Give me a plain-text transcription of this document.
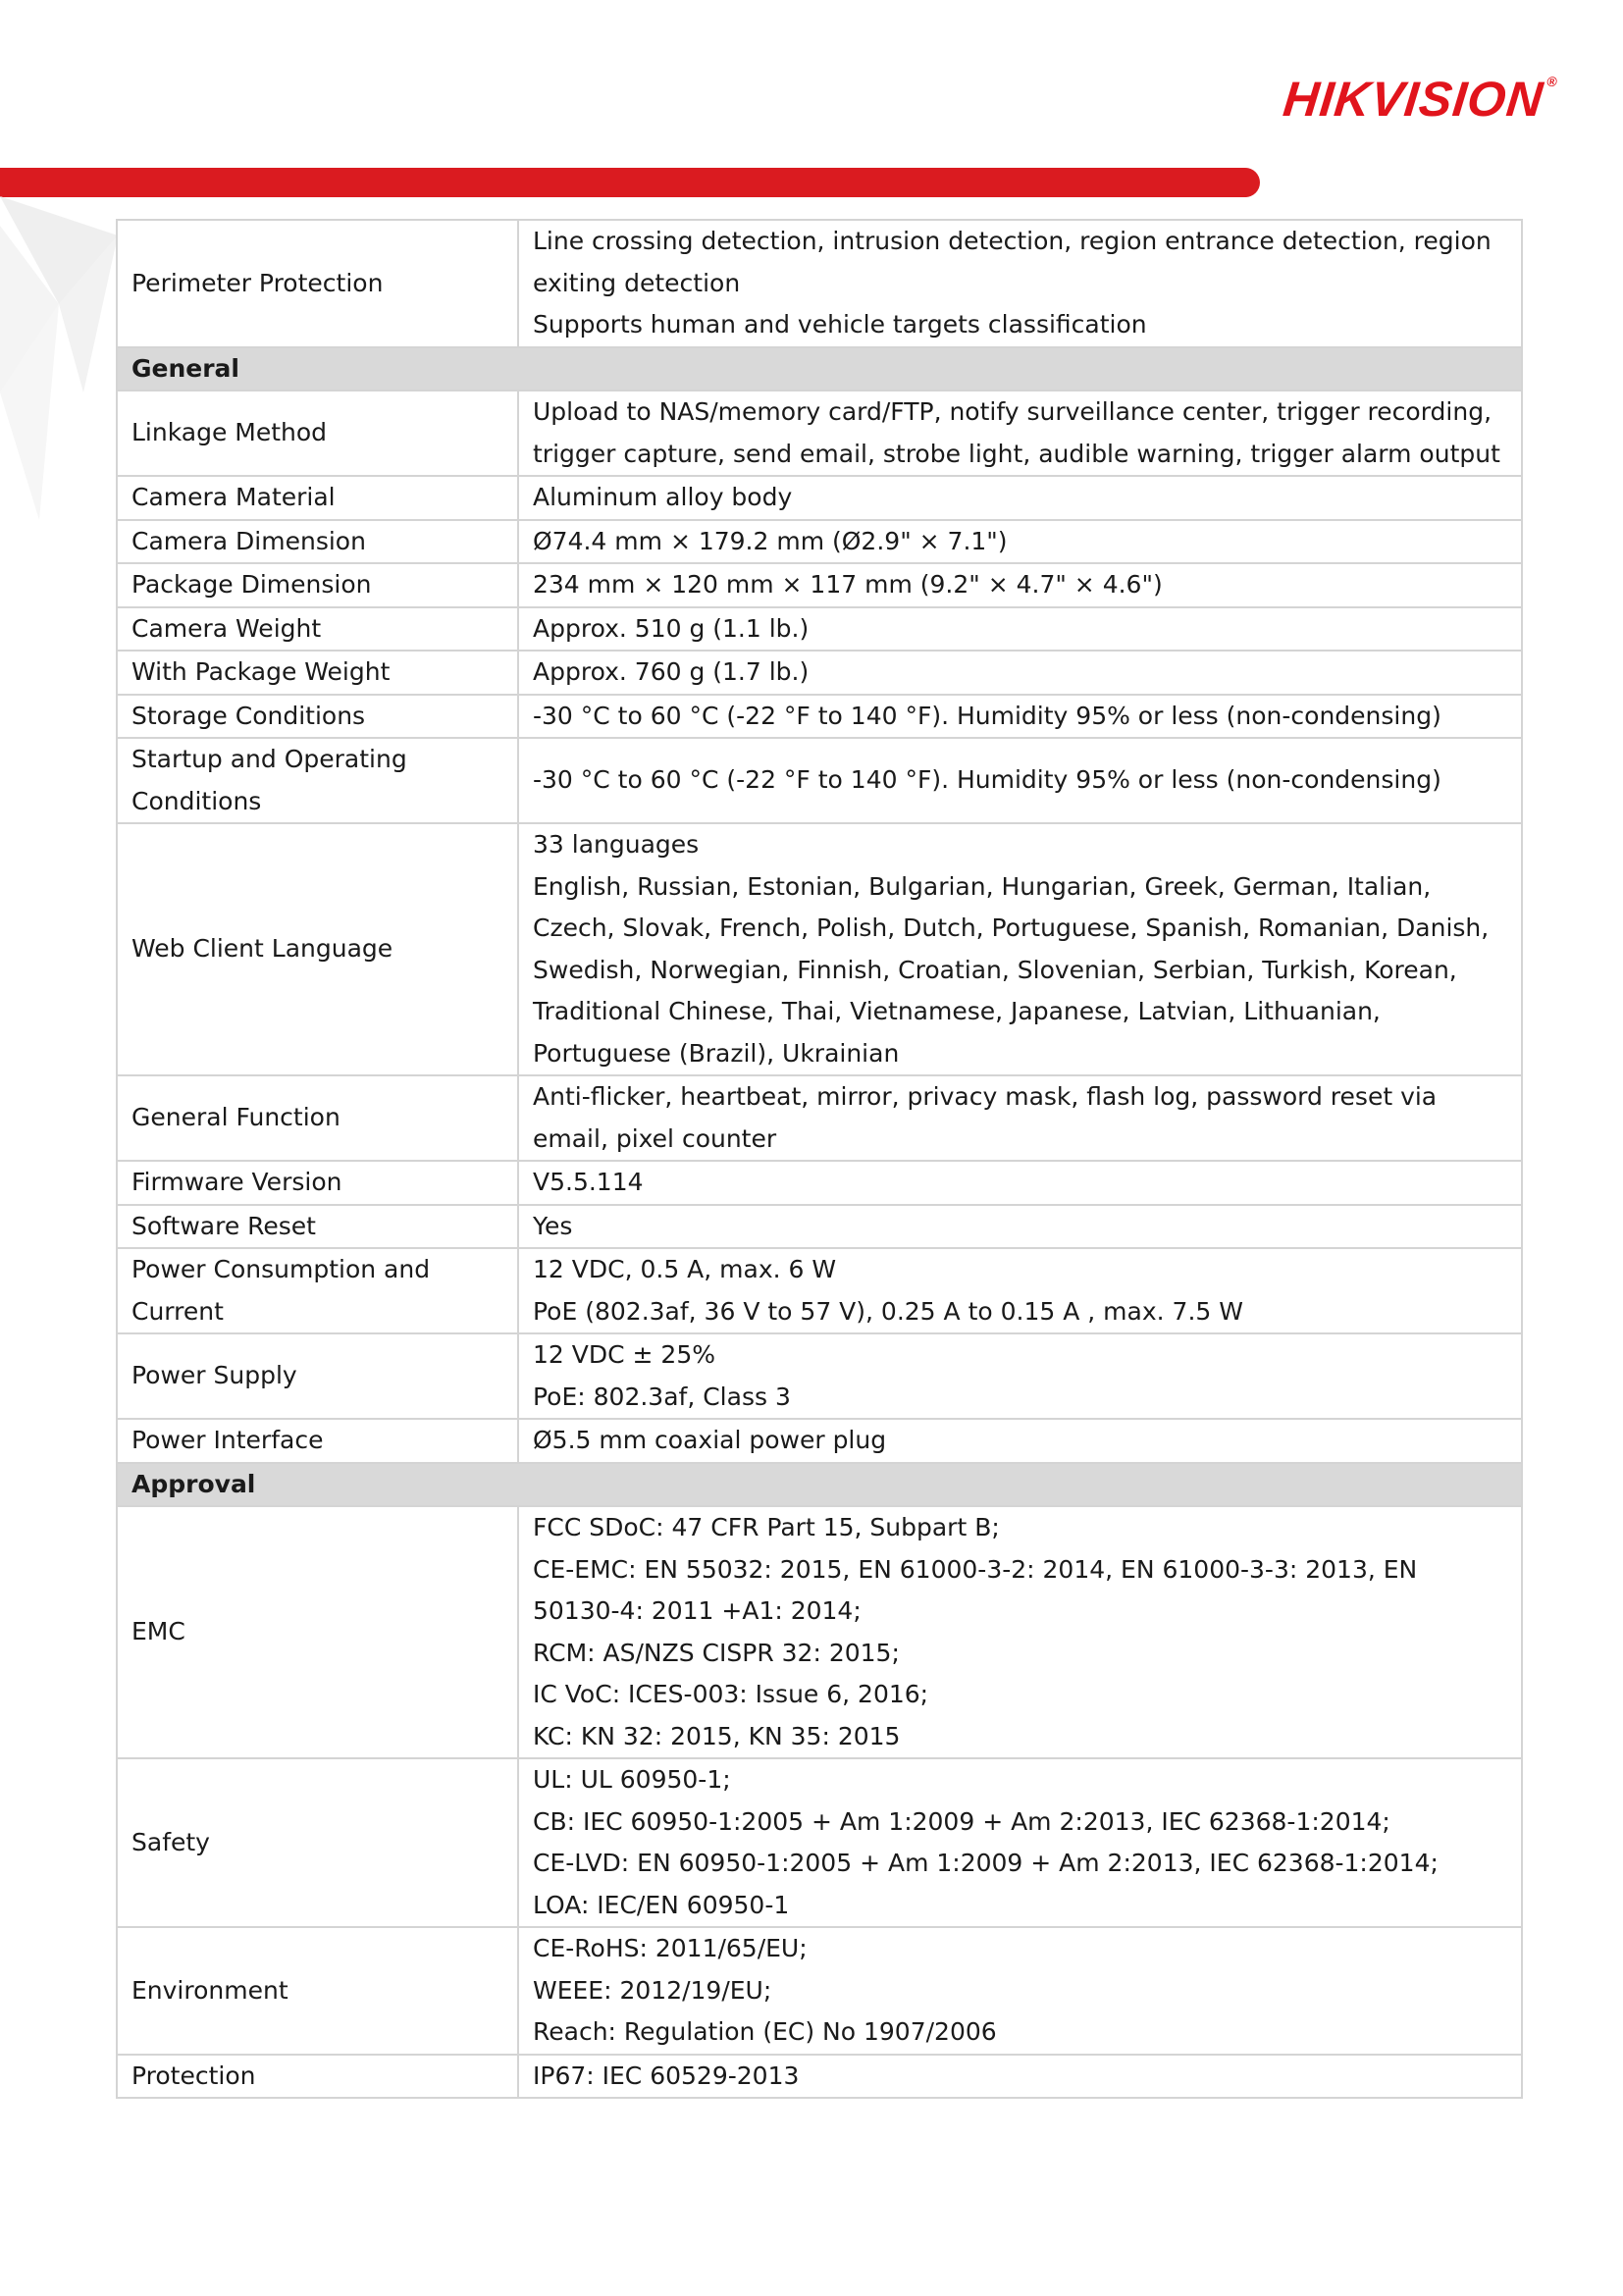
HIKVISION®
Perimeter Protection	Line crossing detection, intrusion detection, region entrance detection, region exiting detection
Supports human and vehicle targets classification

General	
Linkage Method	Upload to NAS/memory card/FTP, notify surveillance center, trigger recording, trigger capture, send email, strobe light, audible warning, trigger alarm output

Camera Material	Aluminum alloy body

Camera Dimension	Ø74.4 mm × 179.2 mm (Ø2.9" × 7.1")

Package Dimension	234 mm × 120 mm × 117 mm (9.2" × 4.7" × 4.6")

Camera Weight	Approx. 510 g (1.1 lb.)

With Package Weight	Approx. 760 g (1.7 lb.)

Storage Conditions	-30 °C to 60 °C (-22 °F to 140 °F). Humidity 95% or less (non-condensing)

Startup and Operating Conditions	-30 °C to 60 °C (-22 °F to 140 °F). Humidity 95% or less (non-condensing)

Web Client Language	33 languages
English, Russian, Estonian, Bulgarian, Hungarian, Greek, German, Italian, Czech, Slovak, French, Polish, Dutch, Portuguese, Spanish, Romanian, Danish, Swedish, Norwegian, Finnish, Croatian, Slovenian, Serbian, Turkish, Korean, Traditional Chinese, Thai, Vietnamese, Japanese, Latvian, Lithuanian, Portuguese (Brazil), Ukrainian

General Function	Anti-flicker, heartbeat, mirror, privacy mask, flash log, password reset via email, pixel counter

Firmware Version	V5.5.114

Software Reset	Yes

Power Consumption and Current	12 VDC, 0.5 A, max. 6 W
PoE (802.3af, 36 V to 57 V), 0.25 A to 0.15 A , max. 7.5 W

Power Supply	12 VDC ± 25%
PoE: 802.3af, Class 3

Power Interface	Ø5.5 mm coaxial power plug

Approval	
EMC	FCC SDoC: 47 CFR Part 15, Subpart B;
CE-EMC: EN 55032: 2015, EN 61000-3-2: 2014, EN 61000-3-3: 2013, EN 50130-4: 2011 +A1: 2014;
RCM: AS/NZS CISPR 32: 2015;
IC VoC: ICES-003: Issue 6, 2016;
KC: KN 32: 2015, KN 35: 2015

Safety	UL: UL 60950-1;
CB: IEC 60950-1:2005 + Am 1:2009 + Am 2:2013, IEC 62368-1:2014;
CE-LVD: EN 60950-1:2005 + Am 1:2009 + Am 2:2013, IEC 62368-1:2014;
LOA: IEC/EN 60950-1

Environment	CE-RoHS: 2011/65/EU;
WEEE: 2012/19/EU;
Reach: Regulation (EC) No 1907/2006

Protection	IP67: IEC 60529-2013
